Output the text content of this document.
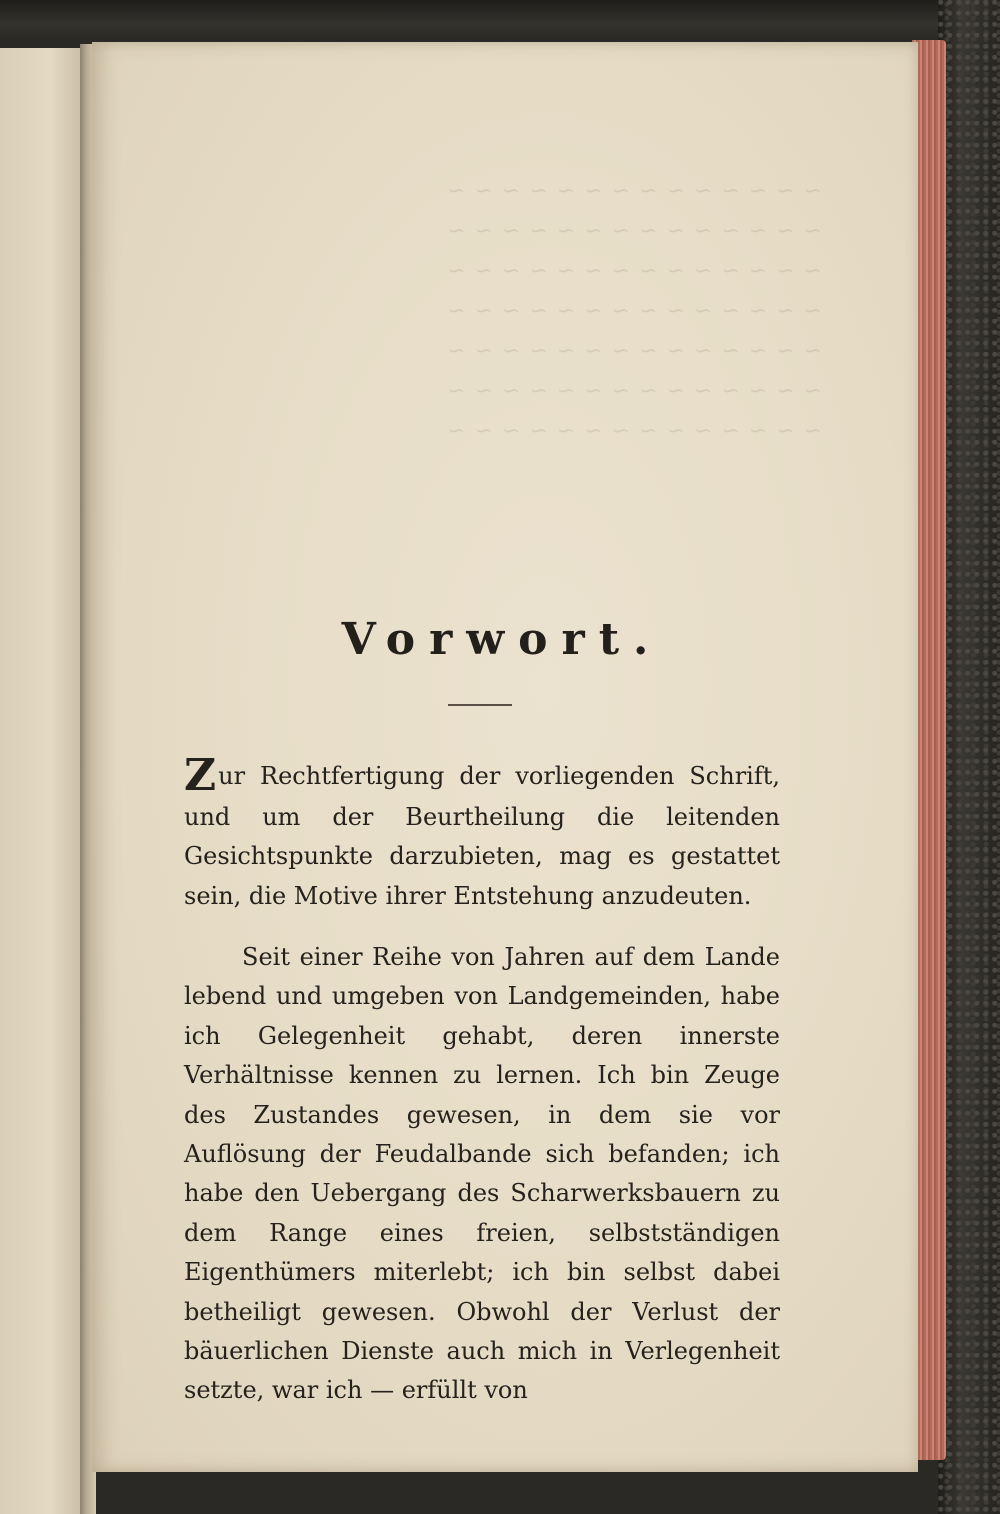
~ ~ ~ ~ ~ ~ ~ ~ ~ ~ ~ ~ ~ ~
~ ~ ~ ~ ~ ~ ~ ~ ~ ~ ~ ~ ~ ~
~ ~ ~ ~ ~ ~ ~ ~ ~ ~ ~ ~ ~ ~
~ ~ ~ ~ ~ ~ ~ ~ ~ ~ ~ ~ ~ ~
~ ~ ~ ~ ~ ~ ~ ~ ~ ~ ~ ~ ~ ~
~ ~ ~ ~ ~ ~ ~ ~ ~ ~ ~ ~ ~ ~
~ ~ ~ ~ ~ ~ ~ ~ ~ ~ ~ ~ ~ ~
Vorwort.

Zur Rechtfertigung der vorliegenden Schrift, und um der Beurtheilung die leitenden Gesichtspunkte darzubieten, mag es gestattet sein, die Motive ihrer Entstehung anzudeuten.

Seit einer Reihe von Jahren auf dem Lande lebend und umgeben von Landgemeinden, habe ich Gelegenheit gehabt, deren innerste Verhältnisse kennen zu lernen. Ich bin Zeuge des Zustandes gewesen, in dem sie vor Auflösung der Feudalbande sich befanden; ich habe den Uebergang des Scharwerksbauern zu dem Range eines freien, selbstständigen Eigenthümers miterlebt; ich bin selbst dabei betheiligt gewesen. Obwohl der Verlust der bäuerlichen Dienste auch mich in Verlegenheit setzte, war ich — erfüllt von
